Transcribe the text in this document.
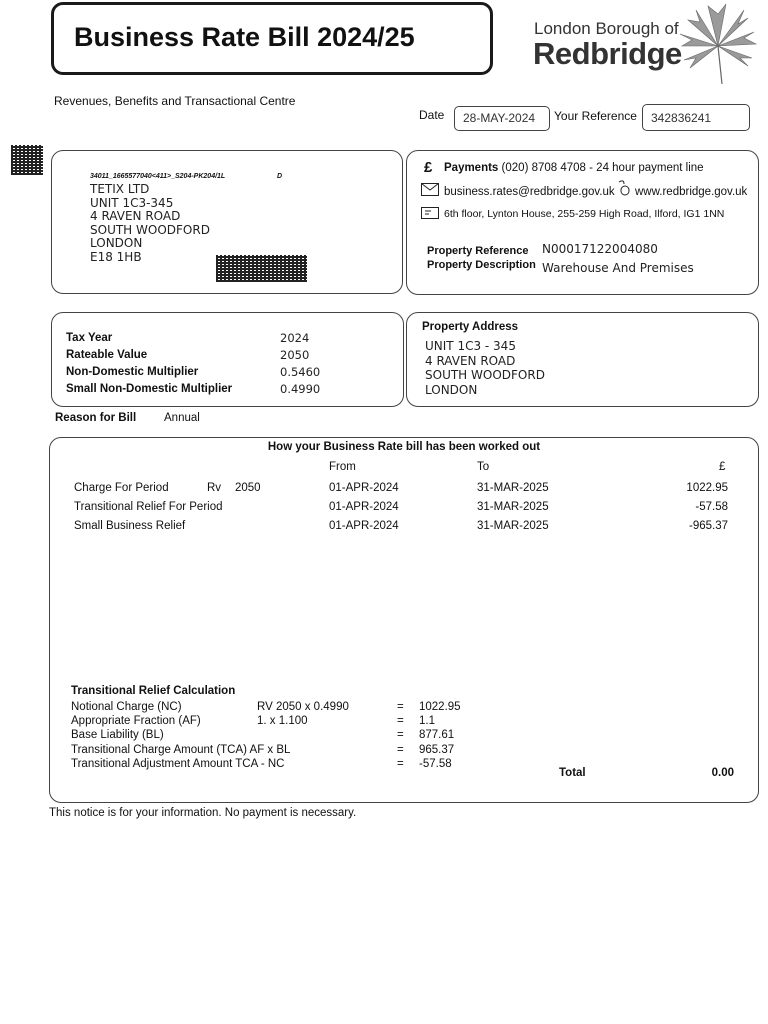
Business Rate Bill 2024/25	London Borough of
Redbridge
Revenues, Benefits and Transactional Centre
Date	28-MAY-2024	Your Reference	342836241
34011_1665577040<411>_S204-PK204/1L	D
TETIX LTD
UNIT 1C3-345
4 RAVEN ROAD
SOUTH WOODFORD
LONDON
E18 1HB
£ Payments (020) 8708 4708 - 24 hour payment line
business.rates@redbridge.gov.uk www.redbridge.gov.uk
6th floor, Lynton House, 255-259 High Road, Ilford, IG1 1NN
Property Reference N00017122004080
Property Description Warehouse And Premises
Tax Year	2024
Rateable Value	2050
Non-Domestic Multiplier	0.5460
Small Non-Domestic Multiplier	0.4990
Property Address
UNIT 1C3 - 345
4 RAVEN ROAD
SOUTH WOODFORD
LONDON
Reason for Bill Annual
How your Business Rate bill has been worked out
From	To	£
Charge For Period	Rv	2050	01-APR-2024	31-MAR-2025	1022.95
Transitional Relief For Period	01-APR-2024	31-MAR-2025	-57.58
Small Business Relief	01-APR-2024	31-MAR-2025	-965.37
Transitional Relief Calculation
Notional Charge (NC)	RV 2050 x 0.4990	=	1022.95
Appropriate Fraction (AF)	1. x 1.100	=	1.1
Base Liability (BL)	=	877.61
Transitional Charge Amount (TCA) AF x BL	=	965.37
Transitional Adjustment Amount TCA - NC	=	-57.58
Total	0.00
This notice is for your information. No payment is necessary.
